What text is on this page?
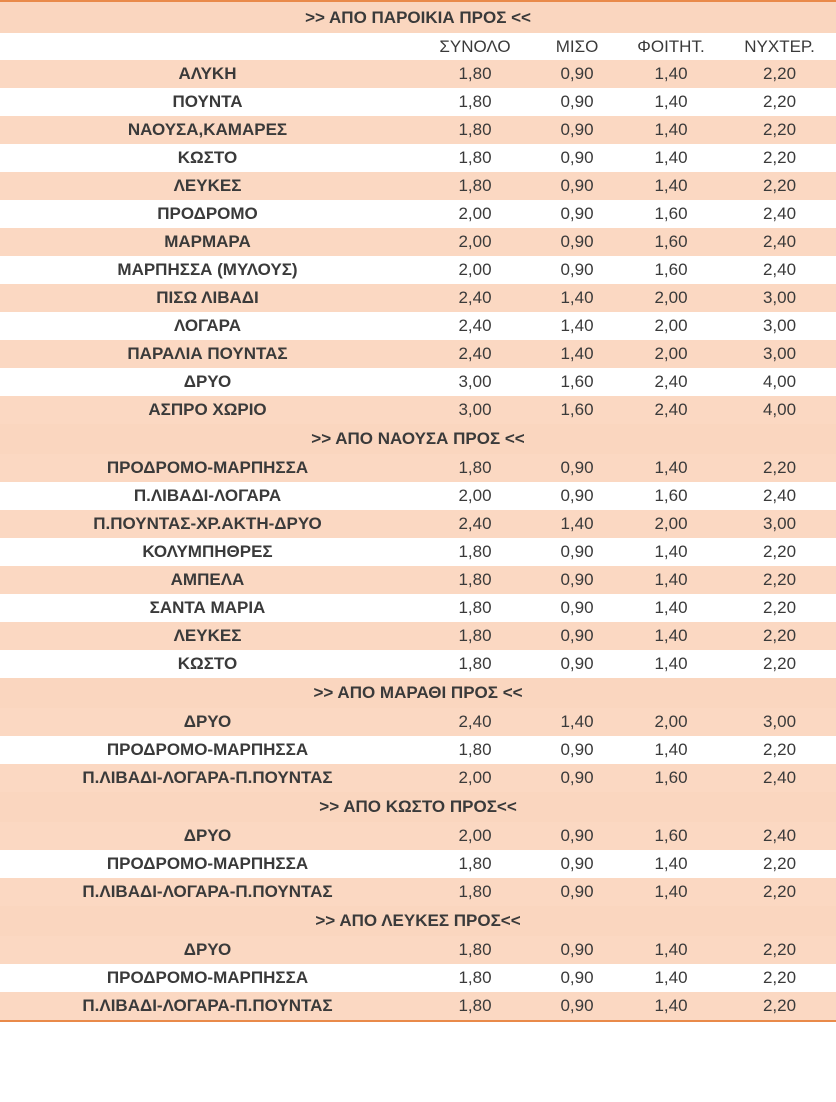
>> ΑΠΟ ΠΑΡΟΙΚΙΑ ΠΡΟΣ <<				
	ΣΥΝΟΛΟ	ΜΙΣΟ	ΦΟΙΤΗΤ.	ΝΥΧΤΕΡ.
ΑΛΥΚΗ	1,80	0,90	1,40	2,20
ΠΟΥΝΤΑ	1,80	0,90	1,40	2,20
ΝΑΟΥΣΑ,ΚΑΜΑΡΕΣ	1,80	0,90	1,40	2,20
ΚΩΣΤΟ	1,80	0,90	1,40	2,20
ΛΕΥΚΕΣ	1,80	0,90	1,40	2,20
ΠΡΟΔΡΟΜΟ	2,00	0,90	1,60	2,40
ΜΑΡΜΑΡΑ	2,00	0,90	1,60	2,40
ΜΑΡΠΗΣΣΑ (ΜΥΛΟΥΣ)	2,00	0,90	1,60	2,40
ΠΙΣΩ ΛΙΒΑΔΙ	2,40	1,40	2,00	3,00
ΛΟΓΑΡΑ	2,40	1,40	2,00	3,00
ΠΑΡΑΛΙΑ ΠΟΥΝΤΑΣ	2,40	1,40	2,00	3,00
ΔΡΥΟ	3,00	1,60	2,40	4,00
ΑΣΠΡΟ ΧΩΡΙΟ	3,00	1,60	2,40	4,00
>> ΑΠΟ ΝΑΟΥΣΑ ΠΡΟΣ <<				
ΠΡΟΔΡΟΜΟ-ΜΑΡΠΗΣΣΑ	1,80	0,90	1,40	2,20
Π.ΛΙΒΑΔΙ-ΛΟΓΑΡΑ	2,00	0,90	1,60	2,40
Π.ΠΟΥΝΤΑΣ-ΧΡ.ΑΚΤΗ-ΔΡΥΟ	2,40	1,40	2,00	3,00
ΚΟΛΥΜΠΗΘΡΕΣ	1,80	0,90	1,40	2,20
ΑΜΠΕΛΑ	1,80	0,90	1,40	2,20
ΣΑΝΤΑ ΜΑΡΙΑ	1,80	0,90	1,40	2,20
ΛΕΥΚΕΣ	1,80	0,90	1,40	2,20
ΚΩΣΤΟ	1,80	0,90	1,40	2,20
>> ΑΠΟ ΜΑΡΑΘΙ ΠΡΟΣ <<				
ΔΡΥΟ	2,40	1,40	2,00	3,00
ΠΡΟΔΡΟΜΟ-ΜΑΡΠΗΣΣΑ	1,80	0,90	1,40	2,20
Π.ΛΙΒΑΔΙ-ΛΟΓΑΡΑ-Π.ΠΟΥΝΤΑΣ	2,00	0,90	1,60	2,40
>> ΑΠΟ ΚΩΣΤΟ ΠΡΟΣ<<				
ΔΡΥΟ	2,00	0,90	1,60	2,40
ΠΡΟΔΡΟΜΟ-ΜΑΡΠΗΣΣΑ	1,80	0,90	1,40	2,20
Π.ΛΙΒΑΔΙ-ΛΟΓΑΡΑ-Π.ΠΟΥΝΤΑΣ	1,80	0,90	1,40	2,20
>> ΑΠΟ ΛΕΥΚΕΣ ΠΡΟΣ<<				
ΔΡΥΟ	1,80	0,90	1,40	2,20
ΠΡΟΔΡΟΜΟ-ΜΑΡΠΗΣΣΑ	1,80	0,90	1,40	2,20
Π.ΛΙΒΑΔΙ-ΛΟΓΑΡΑ-Π.ΠΟΥΝΤΑΣ	1,80	0,90	1,40	2,20
